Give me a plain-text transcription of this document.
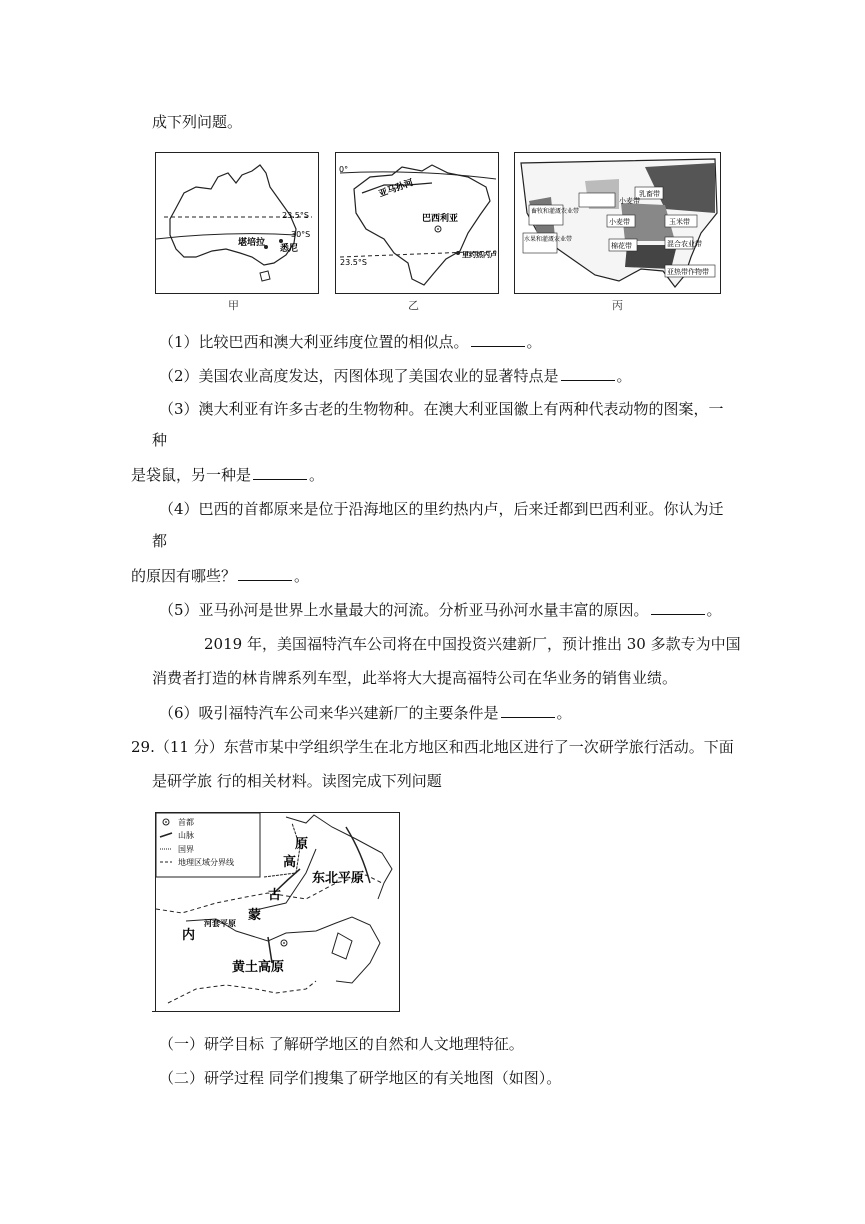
成下列问题。
23.5°S
30°S
堪培拉
悉尼
甲
0°
亚马孙河
巴西利亚
23.5°S
里约热内卢
乙
小麦带
乳畜带
畜牧和灌溉农业带
玉米带
小麦带
混合农业带
水果和灌溉农业带
棉花带
亚热带作物带
丙
（1）比较巴西和澳大利亚纬度位置的相似点。	。
（2）美国农业高度发达，丙图体现了美国农业的显著特点是	。
（3）澳大利亚有许多古老的生物物种。在澳大利亚国徽上有两种代表动物的图案，一
种
是袋鼠，另一种是	。
（4）巴西的首都原来是位于沿海地区的里约热内卢，后来迁都到巴西利亚。你认为迁
都
的原因有哪些？	。
（5）亚马孙河是世界上水量最大的河流。分析亚马孙河水量丰富的原因。	。
2019 年，美国福特汽车公司将在中国投资兴建新厂，预计推出 30 多款专为中国
消费者打造的林肯牌系列车型，此举将大大提高福特公司在华业务的销售业绩。
（6）吸引福特汽车公司来华兴建新厂的主要条件是	。
29.（11 分）东营市某中学组织学生在北方地区和西北地区进行了一次研学旅行活动。下面
是研学旅 行的相关材料。读图完成下列问题
首都
山脉
国界
地理区域分界线
原
高
东北平原
古
蒙
河套平原
内
黄土高原
（一）研学目标 了解研学地区的自然和人文地理特征。
（二）研学过程 同学们搜集了研学地区的有关地图（如图）。
